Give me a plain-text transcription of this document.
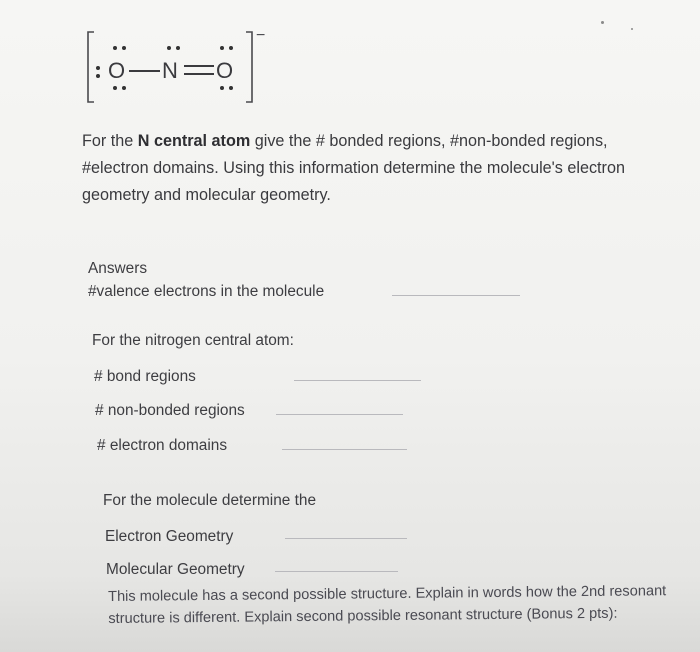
−
O N O
For the N central atom give the # bonded regions, #non-bonded regions, #electron domains. Using this information determine the molecule's electron geometry and molecular geometry.
Answers
#valence electrons in the molecule
For the nitrogen central atom:
# bond regions
# non-bonded regions
# electron domains
For the molecule determine the
Electron Geometry
Molecular Geometry
This molecule has a second possible structure. Explain in words how the 2nd resonant structure is different. Explain second possible resonant structure (Bonus 2 pts):
